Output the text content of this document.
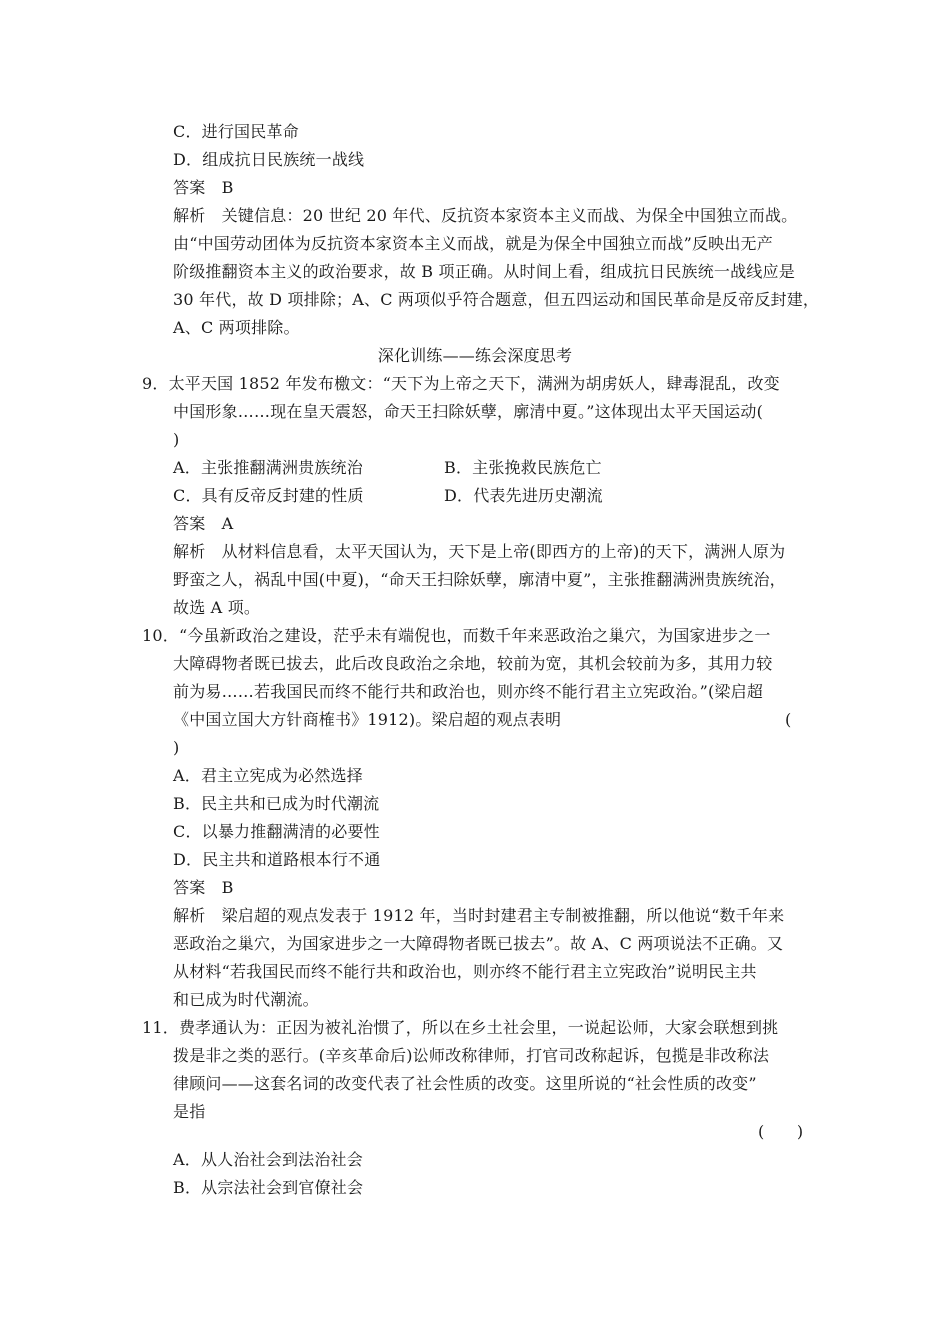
C．进行国民革命
D．组成抗日民族统一战线
答案　B
解析　关键信息：20 世纪 20 年代、反抗资本家资本主义而战、为保全中国独立而战。
由“中国劳动团体为反抗资本家资本主义而战，就是为保全中国独立而战”反映出无产
阶级推翻资本主义的政治要求，故 B 项正确。从时间上看，组成抗日民族统一战线应是
30 年代，故 D 项排除；A、C 两项似乎符合题意，但五四运动和国民革命是反帝反封建，
A、C 两项排除。
深化训练——练会深度思考
9．太平天国 1852 年发布檄文：“天下为上帝之天下，满洲为胡虏妖人，肆毒混乱，改变
中国形象……现在皇天震怒，命天王扫除妖孽，廓清中夏。”这体现出太平天国运动(
)
A．主张推翻满洲贵族统治	B．主张挽救民族危亡
C．具有反帝反封建的性质	D．代表先进历史潮流
答案　A
解析　从材料信息看，太平天国认为，天下是上帝(即西方的上帝)的天下，满洲人原为
野蛮之人，祸乱中国(中夏)，“命天王扫除妖孽，廓清中夏”，主张推翻满洲贵族统治，
故选 A 项。
10．“今虽新政治之建设，茫乎未有端倪也，而数千年来恶政治之巢穴，为国家进步之一
大障碍物者既已拔去，此后改良政治之余地，较前为宽，其机会较前为多，其用力较
前为易……若我国民而终不能行共和政治也，则亦终不能行君主立宪政治。”(梁启超
《中国立国大方针商榷书》1912)。梁启超的观点表明	(
)
A．君主立宪成为必然选择
B．民主共和已成为时代潮流
C．以暴力推翻满清的必要性
D．民主共和道路根本行不通
答案　B
解析　梁启超的观点发表于 1912 年，当时封建君主专制被推翻，所以他说“数千年来
恶政治之巢穴，为国家进步之一大障碍物者既已拔去”。故 A、C 两项说法不正确。又
从材料“若我国民而终不能行共和政治也，则亦终不能行君主立宪政治”说明民主共
和已成为时代潮流。
11．费孝通认为：正因为被礼治惯了，所以在乡土社会里，一说起讼师，大家会联想到挑
拨是非之类的恶行。(辛亥革命后)讼师改称律师，打官司改称起诉，包揽是非改称法
律顾问——这套名词的改变代表了社会性质的改变。这里所说的“社会性质的改变”
是指
(　　)
A．从人治社会到法治社会
B．从宗法社会到官僚社会
